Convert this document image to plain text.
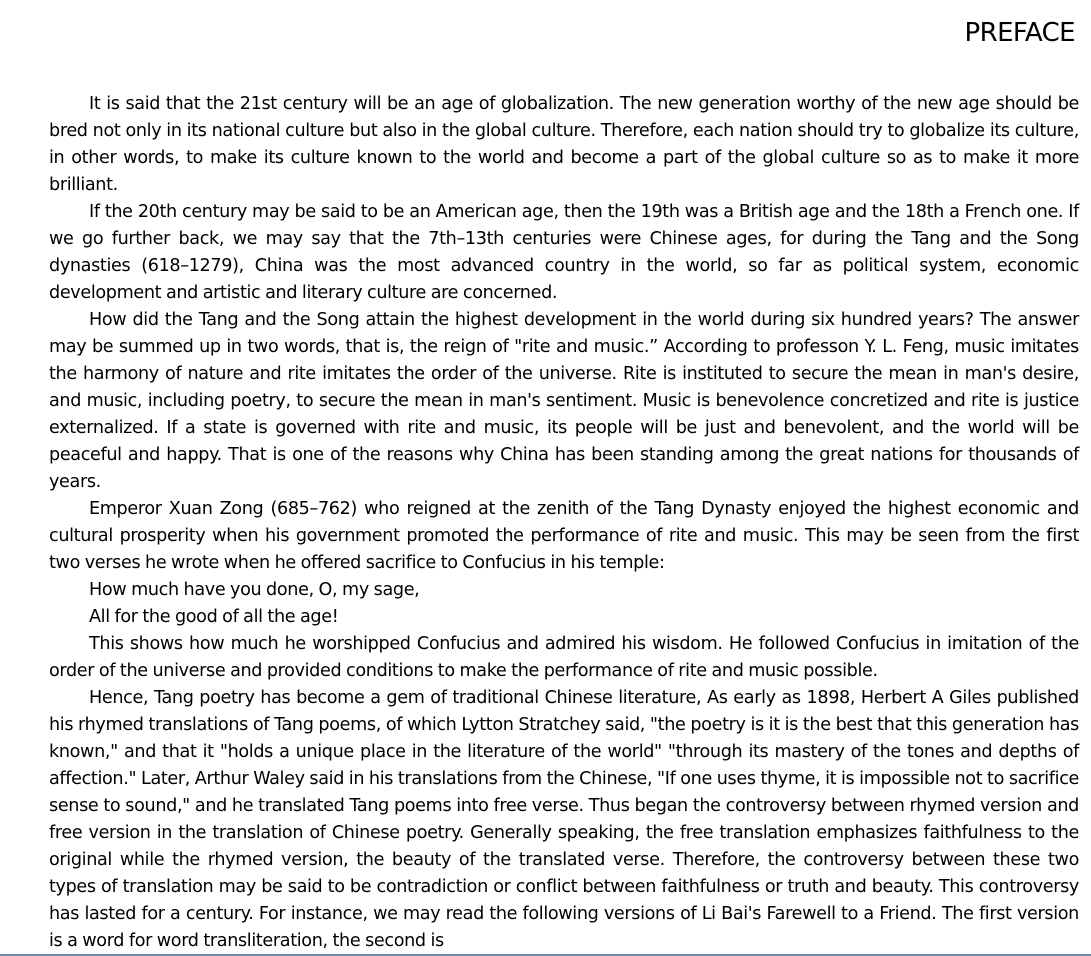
PREFACE

It is said that the 21st century will be an age of globalization. The new generation worthy of the new age should be bred not only in its national culture but also in the global culture. Therefore, each nation should try to globalize its culture, in other words, to make its culture known to the world and become a part of the global culture so as to make it more brilliant.

If the 20th century may be said to be an American age, then the 19th was a British age and the 18th a French one. If we go further back, we may say that the 7th–13th centuries were Chinese ages, for during the Tang and the Song dynasties (618–1279), China was the most advanced country in the world, so far as political system, economic development and artistic and literary culture are concerned.

How did the Tang and the Song attain the highest development in the world during six hundred years? The answer may be summed up in two words, that is, the reign of "rite and music.” According to professon Y. L. Feng, music imitates the harmony of nature and rite imitates the order of the universe. Rite is instituted to secure the mean in man's desire, and music, including poetry, to secure the mean in man's sentiment. Music is benevolence concretized and rite is justice externalized. If a state is governed with rite and music, its people will be just and benevolent, and the world will be peaceful and happy. That is one of the reasons why China has been standing among the great nations for thousands of years.

Emperor Xuan Zong (685–762) who reigned at the zenith of the Tang Dynasty enjoyed the highest economic and cultural prosperity when his government promoted the performance of rite and music. This may be seen from the first two verses he wrote when he offered sacrifice to Confucius in his temple:

How much have you done, O, my sage,

All for the good of all the age!

This shows how much he worshipped Confucius and admired his wisdom. He followed Confucius in imitation of the order of the universe and provided conditions to make the performance of rite and music possible.

Hence, Tang poetry has become a gem of traditional Chinese literature, As early as 1898, Herbert A Giles published his rhymed translations of Tang poems, of which Lytton Stratchey said, "the poetry is it is the best that this generation has known," and that it "holds a unique place in the literature of the world" "through its mastery of the tones and depths of affection." Later, Arthur Waley said in his translations from the Chinese, "If one uses thyme, it is impossible not to sacrifice sense to sound," and he translated Tang poems into free verse. Thus began the controversy between rhymed version and free version in the translation of Chinese poetry. Generally speaking, the free translation emphasizes faithfulness to the original while the rhymed version, the beauty of the translated verse. Therefore, the controversy between these two types of translation may be said to be contradiction or conflict between faithfulness or truth and beauty. This controversy has lasted for a century. For instance, we may read the following versions of Li Bai's Farewell to a Friend. The first version is a word for word transliteration, the second is
